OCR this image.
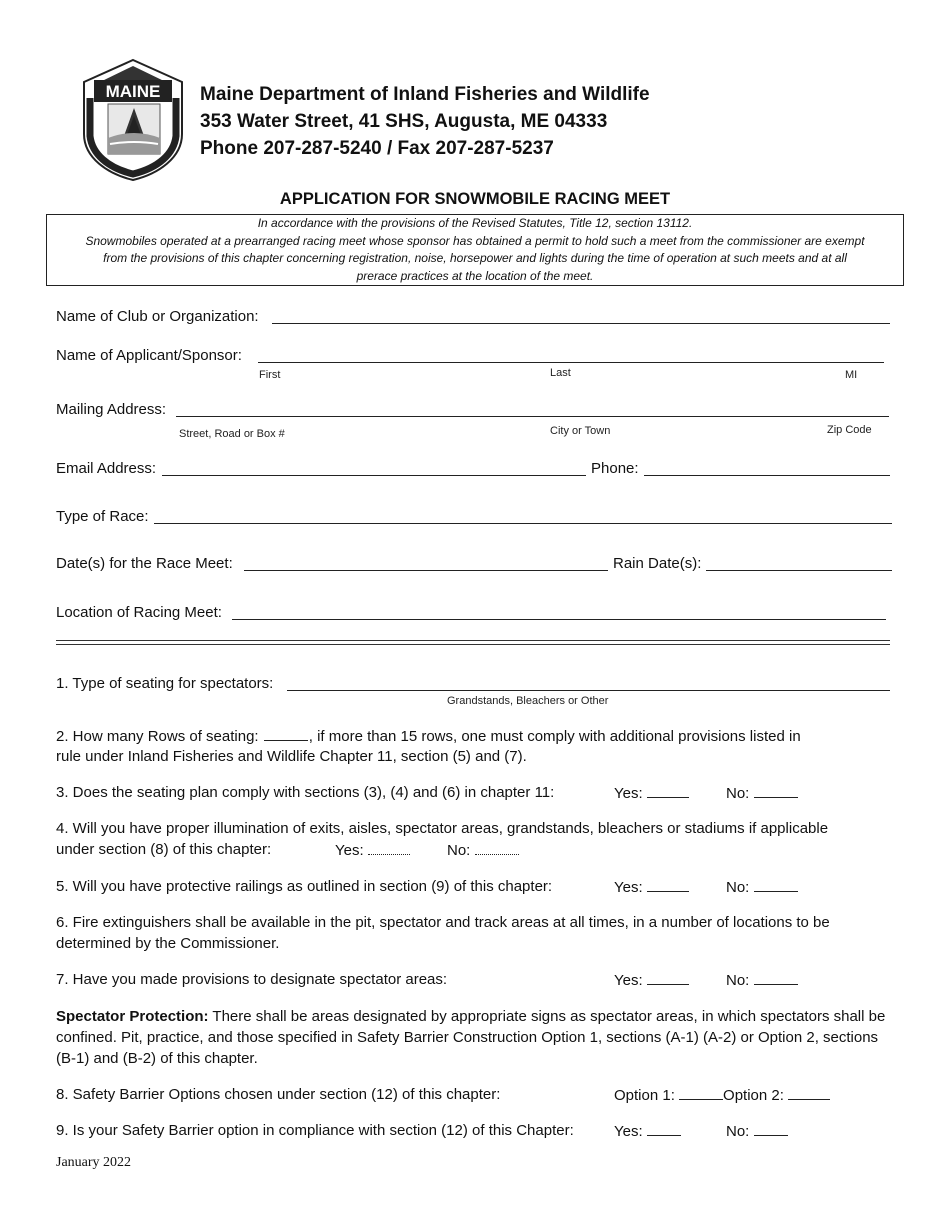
MAINE	Maine Department of Inland Fisheries and Wildlife
353 Water Street, 41 SHS, Augusta, ME 04333
Phone 207-287-5240 / Fax 207-287-5237
APPLICATION FOR SNOWMOBILE RACING MEET
In accordance with the provisions of the Revised Statutes, Title 12, section 13112.
Snowmobiles operated at a prearranged racing meet whose sponsor has obtained a permit to hold such a meet from the commissioner are exempt
from the provisions of this chapter concerning registration, noise, horsepower and lights during the time of operation at such meets and at all
prerace practices at the location of the meet.
Name of Club or Organization:
Name of Applicant/Sponsor:
First	Last	MI
Mailing Address:
Street, Road or Box #	City or Town	Zip Code
Email Address:	Phone:
Type of Race:
Date(s) for the Race Meet:	Rain Date(s):
Location of Racing Meet:
1. Type of seating for spectators:
Grandstands, Bleachers or Other
2. How many Rows of seating:	, if more than 15 rows, one must comply with additional provisions listed in
rule under Inland Fisheries and Wildlife Chapter 11, section (5) and (7).
3. Does the seating plan comply with sections (3), (4) and (6) in chapter 11:	Yes:	No:
4. Will you have proper illumination of exits, aisles, spectator areas, grandstands, bleachers or stadiums if applicable
under section (8) of this chapter:	Yes:	No:
5. Will you have protective railings as outlined in section (9) of this chapter:	Yes:	No:
6. Fire extinguishers shall be available in the pit, spectator and track areas at all times, in a number of locations to be determined by the Commissioner.
7. Have you made provisions to designate spectator areas:	Yes:	No:
Spectator Protection: There shall be areas designated by appropriate signs as spectator areas, in which spectators shall be confined. Pit, practice, and those specified in Safety Barrier Construction Option 1, sections (A-1) (A-2) or Option 2, sections (B-1) and (B-2) of this chapter.
8. Safety Barrier Options chosen under section (12) of this chapter:	Option 1:	Option 2:
9. Is your Safety Barrier option in compliance with section (12) of this Chapter:	Yes:	No:
January 2022
